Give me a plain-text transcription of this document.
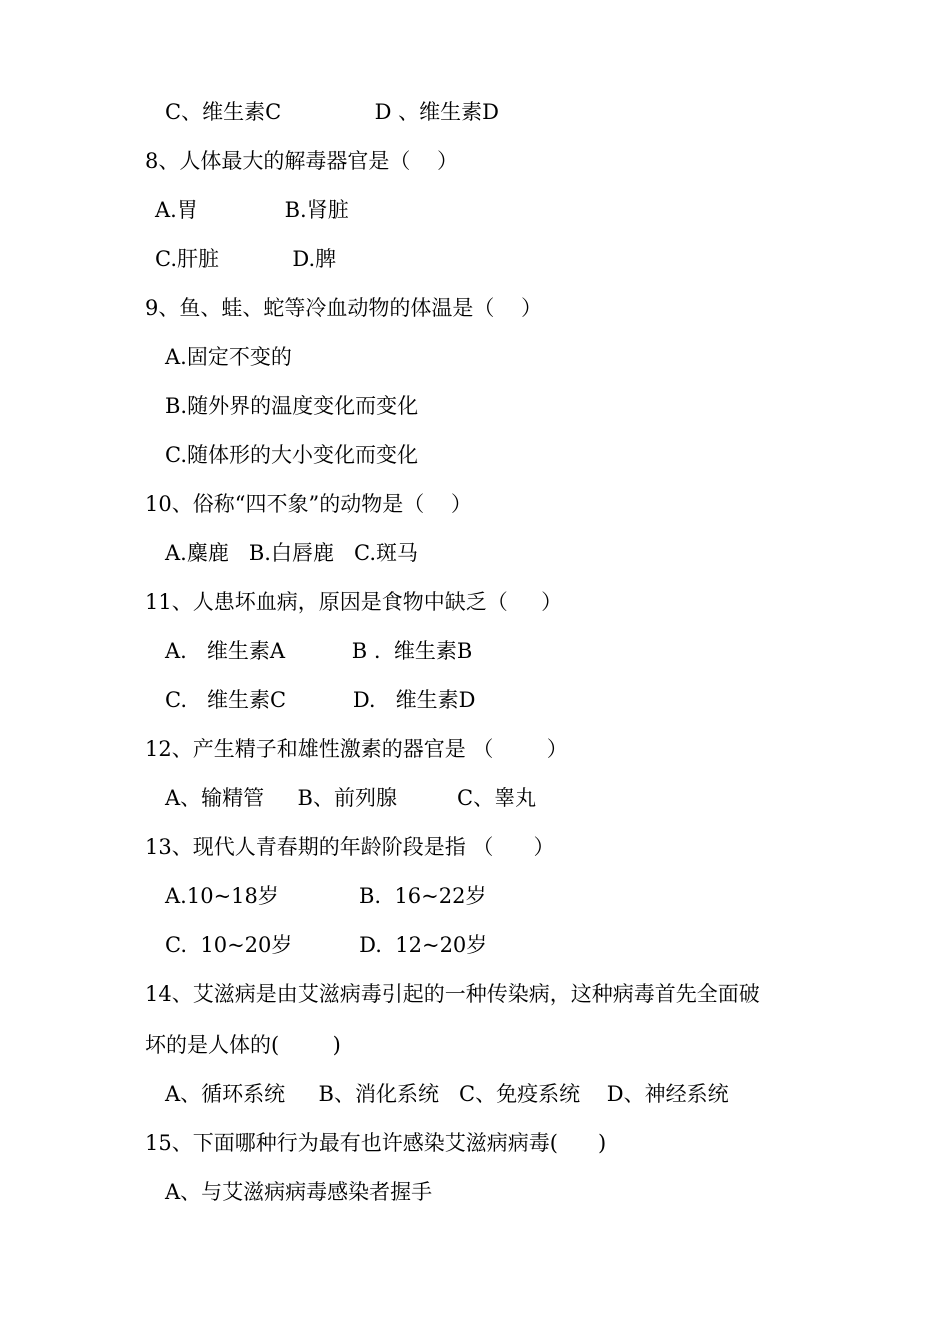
C、维生素C              D 、维生素D
8、人体最大的解毒器官是（    ）
A.胃             B.肾脏
C.肝脏           D.脾
9、鱼、蛙、蛇等冷血动物的体温是（    ）
A.固定不变的
B.随外界的温度变化而变化
C.随体形的大小变化而变化
10、俗称“四不象”的动物是（    ）
A.麋鹿   B.白唇鹿   C.斑马
11、人患坏血病，原因是食物中缺乏（     ）
A.   维生素A          B .  维生素B
C.   维生素C          D.   维生素D
12、产生精子和雄性激素的器官是 （        ）
A、输精管     B、前列腺         C、睾丸
13、现代人青春期的年龄阶段是指 （      ）
A.10~18岁            B.  16~22岁
C.  10~20岁          D.  12~20岁
14、艾滋病是由艾滋病毒引起的一种传染病，这种病毒首先全面破
坏的是人体的(        )
A、循环系统     B、消化系统   C、免疫系统    D、神经系统
15、下面哪种行为最有也许感染艾滋病病毒(      )
A、与艾滋病病毒感染者握手
